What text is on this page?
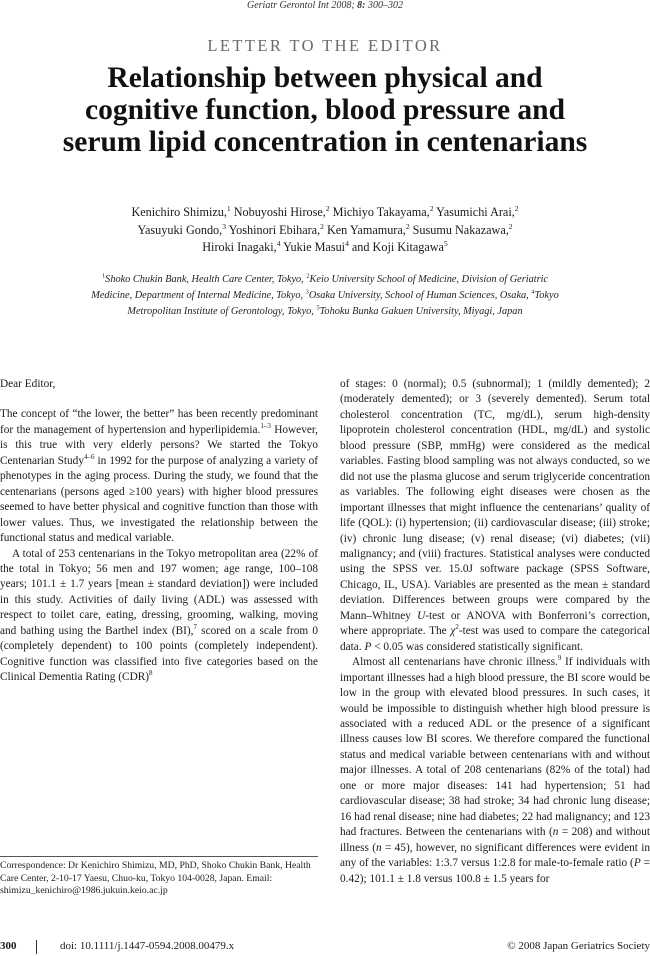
Geriatr Gerontol Int 2008; 8: 300–302
LETTER TO THE EDITOR
Relationship between physical and cognitive function, blood pressure and serum lipid concentration in centenarians
Kenichiro Shimizu,$^1$ Nobuyoshi Hirose,$^2$ Michiyo Takayama,$^2$ Yasumichi Arai,$^2$
Yasuyuki Gondo,$^3$ Yoshinori Ebihara,$^2$ Ken Yamamura,$^2$ Susumu Nakazawa,$^2$
Hiroki Inagaki,$^4$ Yukie Masui$^4$ and Koji Kitagawa$^5$
$^1$Shoko Chukin Bank, Health Care Center, Tokyo, $^2$Keio University School of Medicine, Division of Geriatric Medicine, Department of Internal Medicine, Tokyo, $^3$Osaka University, School of Human Sciences, Osaka, $^4$Tokyo Metropolitan Institute of Gerontology, Tokyo, $^5$Tohoku Bunka Gakuen University, Miyagi, Japan

Dear Editor,

The concept of “the lower, the better” has been recently predominant for the management of hypertension and hyperlipidemia.$^{1-3}$ However, is this true with very elderly persons? We started the Tokyo Centenarian Study$^{4-6}$ in 1992 for the purpose of analyzing a variety of phenotypes in the aging process. During the study, we found that the centenarians (persons aged ≥100 years) with higher blood pressures seemed to have better physical and cognitive function than those with lower values. Thus, we investigated the relationship between the functional status and medical variable.

A total of 253 centenarians in the Tokyo metropolitan area (22% of the total in Tokyo; 56 men and 197 women; age range, 100–108 years; 101.1 ± 1.7 years [mean ± standard deviation]) were included in this study. Activities of daily living (ADL) was assessed with respect to toilet care, eating, dressing, grooming, walking, moving and bathing using the Barthel index (BI),$^7$ scored on a scale from 0 (completely dependent) to 100 points (completely independent). Cognitive function was classified into five categories based on the Clinical Dementia Rating (CDR)$^8$

Correspondence: Dr Kenichiro Shimizu, MD, PhD, Shoko Chukin Bank, Health Care Center, 2-10-17 Yaesu, Chuo-ku, Tokyo 104-0028, Japan. Email: shimizu_kenichiro@1986.jukuin.keio.ac.jp

of stages: 0 (normal); 0.5 (subnormal); 1 (mildly demented); 2 (moderately demented); or 3 (severely demented). Serum total cholesterol concentration (TC, mg/dL), serum high-density lipoprotein cholesterol concentration (HDL, mg/dL) and systolic blood pressure (SBP, mmHg) were considered as the medical variables. Fasting blood sampling was not always conducted, so we did not use the plasma glucose and serum triglyceride concentration as variables. The following eight diseases were chosen as the important illnesses that might influence the centenarians’ quality of life (QOL): (i) hypertension; (ii) cardiovascular disease; (iii) stroke; (iv) chronic lung disease; (v) renal disease; (vi) diabetes; (vii) malignancy; and (viii) fractures. Statistical analyses were conducted using the SPSS ver. 15.0J software package (SPSS Software, Chicago, IL, USA). Variables are presented as the mean ± standard deviation. Differences between groups were compared by the Mann–Whitney U-test or ANOVA with Bonferroni’s correction, where appropriate. The $\chi^2$-test was used to compare the categorical data. P < 0.05 was considered statistically significant.

Almost all centenarians have chronic illness.$^9$ If individuals with important illnesses had a high blood pressure, the BI score would be low in the group with elevated blood pressures. In such cases, it would be impossible to distinguish whether high blood pressure is associated with a reduced ADL or the presence of a significant illness causes low BI scores. We therefore compared the functional status and medical variable between centenarians with and without major illnesses. A total of 208 centenarians (82% of the total) had one or more major diseases: 141 had hypertension; 51 had cardiovascular disease; 38 had stroke; 34 had chronic lung disease; 16 had renal disease; nine had diabetes; 22 had malignancy; and 123 had fractures. Between the centenarians with (n = 208) and without illness (n = 45), however, no significant differences were evident in any of the variables: 1:3.7 versus 1:2.8 for male-to-female ratio (P = 0.42); 101.1 ± 1.8 versus 100.8 ± 1.5 years for

300	doi: 10.1111/j.1447-0594.2008.00479.x	© 2008 Japan Geriatrics Society
